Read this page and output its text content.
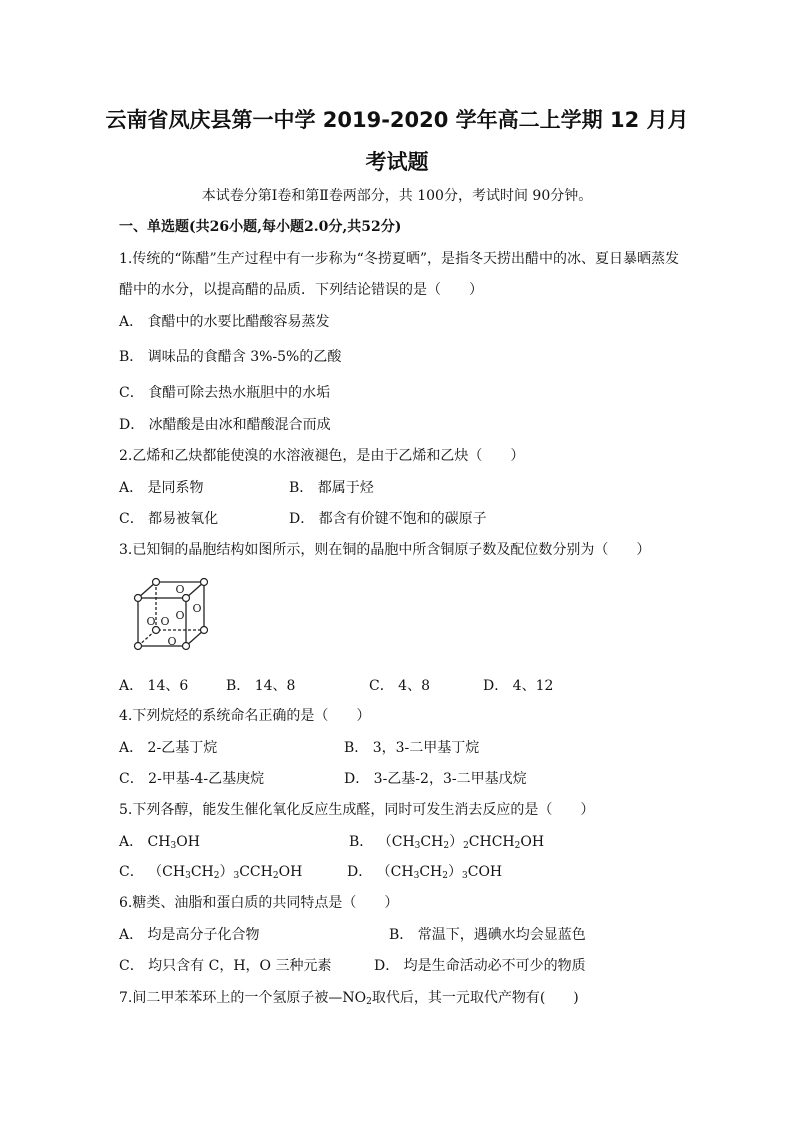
云南省凤庆县第一中学 2019-2020 学年高二上学期 12 月月
考试题
本试卷分第Ⅰ卷和第Ⅱ卷两部分，共 100分，考试时间 90分钟。
一、单选题(共26小题,每小题2.0分,共52分)
1.传统的“陈醋”生产过程中有一步称为“冬捞夏晒”，是指冬天捞出醋中的冰、夏日暴晒蒸发
醋中的水分，以提高醋的品质．下列结论错误的是（　　）
A． 食醋中的水要比醋酸容易蒸发
B． 调味品的食醋含 3%-5%的乙酸
C． 食醋可除去热水瓶胆中的水垢
D． 冰醋酸是由冰和醋酸混合而成
2.乙烯和乙炔都能使溴的水溶液褪色，是由于乙烯和乙炔（　　）
A． 是同系物	B． 都属于烃
C． 都易被氧化	D． 都含有价键不饱和的碳原子
3.已知铜的晶胞结构如图所示，则在铜的晶胞中所含铜原子数及配位数分别为（　　）
O
O O O
O
O
A． 14、6	B． 14、8	C． 4、8	D． 4、12
4.下列烷烃的系统命名正确的是（　　）
A． 2-乙基丁烷	B． 3，3-二甲基丁烷
C． 2-甲基-4-乙基庚烷	D． 3-乙基-2，3-二甲基戊烷
5.下列各醇，能发生催化氧化反应生成醛，同时可发生消去反应的是（　　）
A． $CH_3OH$	B． $(CH_3CH_2)_2CHCH_2OH$
C． $(CH_3CH_2)_3CCH_2OH$	D． $(CH_3CH_2)_3COH$
6.糖类、油脂和蛋白质的共同特点是（　　）
A． 均是高分子化合物	B． 常温下，遇碘水均会显蓝色
C． 均只含有 C，H，O 三种元素	D． 均是生命活动必不可少的物质
7.间二甲苯苯环上的一个氢原子被$—NO_2$取代后，其一元取代产物有(　　)
